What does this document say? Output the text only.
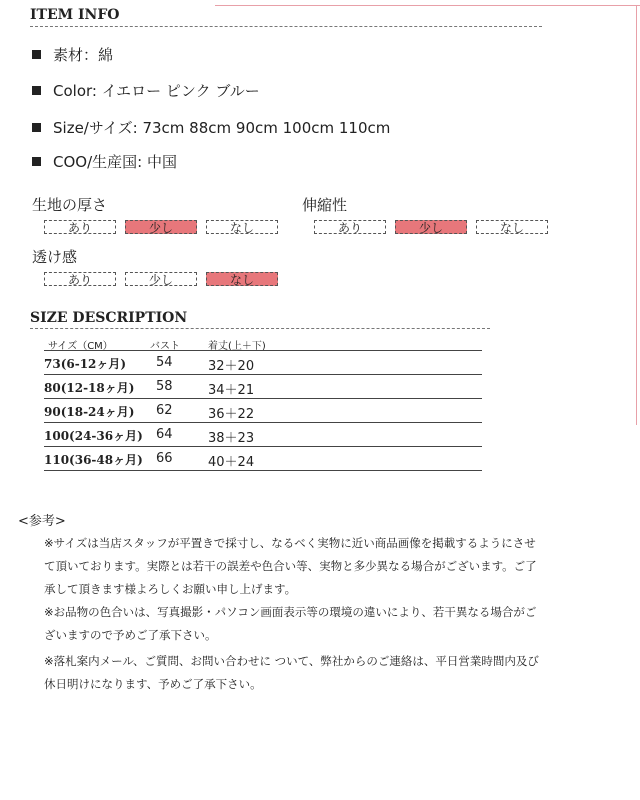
ITEM INFO
素材：綿
Color: イエロー ピンク ブルー
Size/サイズ: 73cm 88cm 90cm 100cm 110cm
COO/生産国: 中国
生地の厚さ
あり	少し	なし
伸縮性
あり	少し	なし
透け感
あり	少し	なし
SIZE DESCRIPTION
サイズ（CM）	バスト	着丈(上＋下)
73(6-12ヶ月) 54	32＋20
80(12-18ヶ月) 58	34＋21
90(18-24ヶ月) 62	36＋22
100(24-36ヶ月) 64	38＋23
110(36-48ヶ月) 66	40＋24
<参考>
※サイズは当店スタッフが平置きで採寸し、なるべく実物に近い商品画像を掲載するようにさせて頂いております。実際とは若干の誤差や色合い等、実物と多少異なる場合がございます。ご了承して頂きます様よろしくお願い申し上げます。
※お品物の色合いは、写真撮影・パソコン画面表示等の環境の違いにより、若干異なる場合がございますので予めご了承下さい。
※落札案内メール、ご質問、お問い合わせに ついて、弊社からのご連絡は、平日営業時間内及び休日明けになります、予めご了承下さい。
